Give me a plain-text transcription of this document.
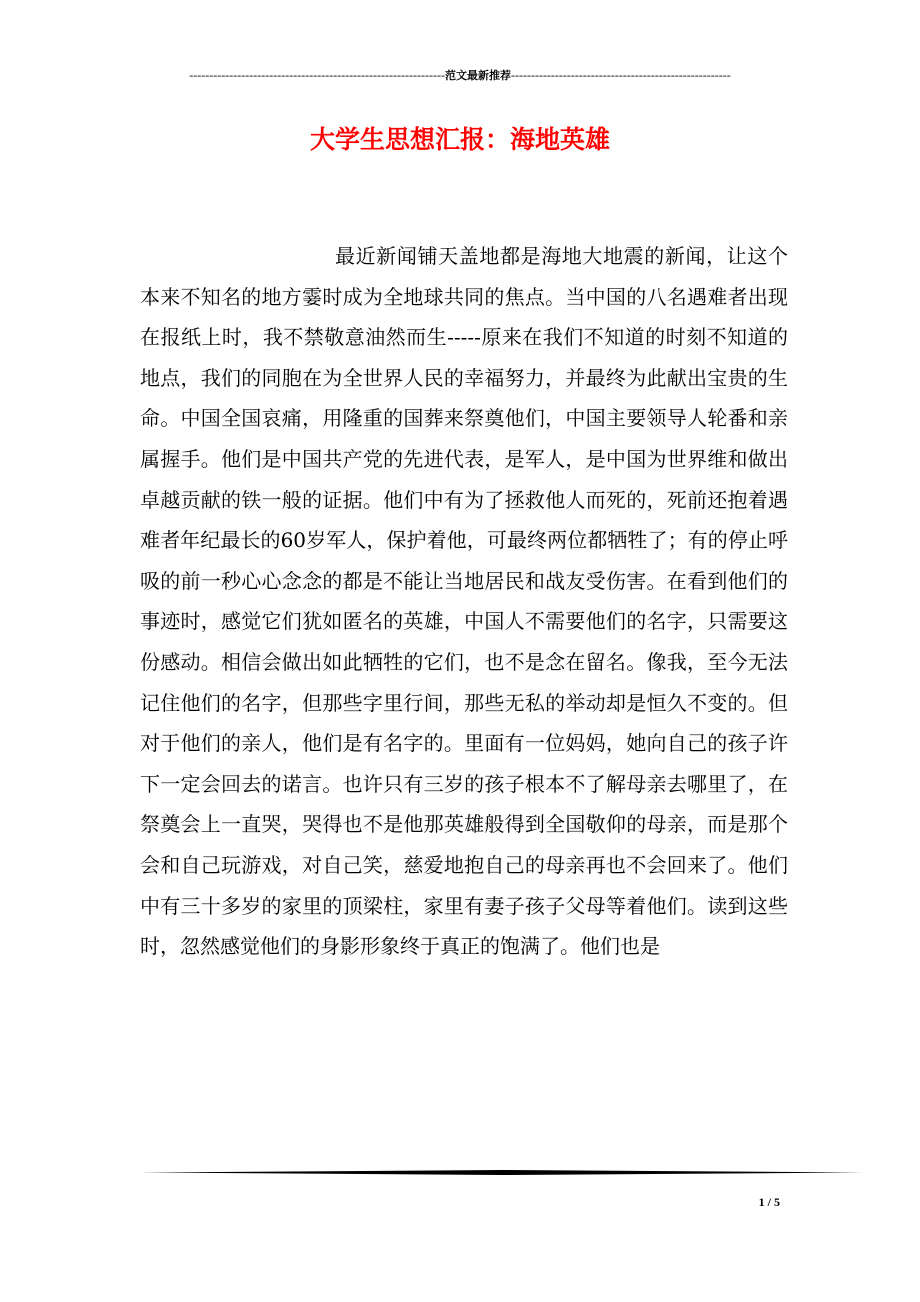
----------------------------------------------------------------范文最新推荐-------------------------------------------------------
大学生思想汇报：海地英雄

最近新闻铺天盖地都是海地大地震的新闻，让这个本来不知名的地方霎时成为全地球共同的焦点。当中国的八名遇难者出现在报纸上时，我不禁敬意油然而生-----原来在我们不知道的时刻不知道的地点，我们的同胞在为全世界人民的幸福努力，并最终为此献出宝贵的生命。中国全国哀痛，用隆重的国葬来祭奠他们，中国主要领导人轮番和亲属握手。他们是中国共产党的先进代表，是军人，是中国为世界维和做出卓越贡献的铁一般的证据。他们中有为了拯救他人而死的，死前还抱着遇难者年纪最长的60岁军人，保护着他，可最终两位都牺牲了；有的停止呼吸的前一秒心心念念的都是不能让当地居民和战友受伤害。在看到他们的事迹时，感觉它们犹如匿名的英雄，中国人不需要他们的名字，只需要这份感动。相信会做出如此牺牲的它们，也不是念在留名。像我，至今无法记住他们的名字，但那些字里行间，那些无私的举动却是恒久不变的。但对于他们的亲人，他们是有名字的。里面有一位妈妈，她向自己的孩子许下一定会回去的诺言。也许只有三岁的孩子根本不了解母亲去哪里了，在祭奠会上一直哭，哭得也不是他那英雄般得到全国敬仰的母亲，而是那个会和自己玩游戏，对自己笑，慈爱地抱自己的母亲再也不会回来了。他们中有三十多岁的家里的顶梁柱，家里有妻子孩子父母等着他们。读到这些时，忽然感觉他们的身影形象终于真正的饱满了。他们也是

1 / 5
